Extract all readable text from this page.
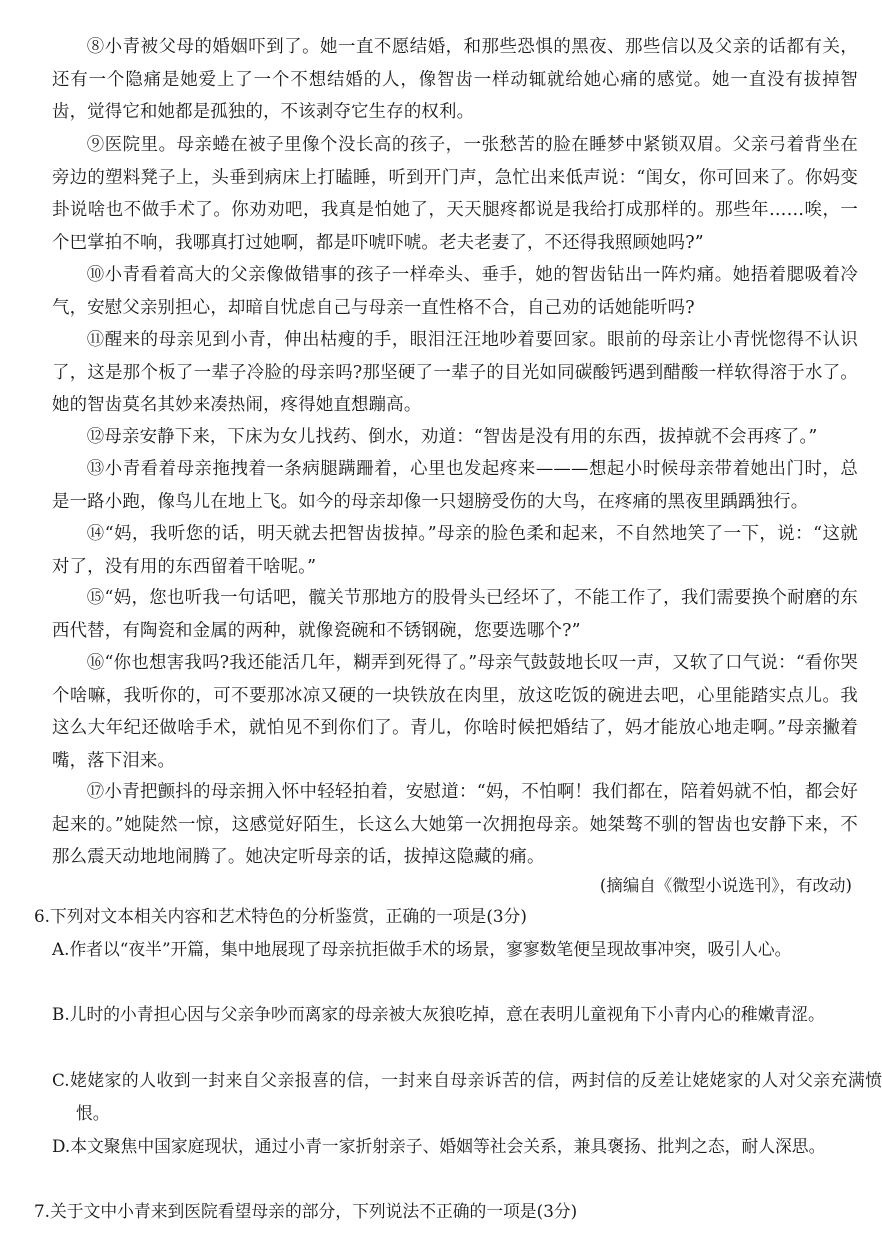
⑧小青被父母的婚姻吓到了。她一直不愿结婚，和那些恐惧的黑夜、那些信以及父亲的话都有关，还有一个隐痛是她爱上了一个不想结婚的人，像智齿一样动辄就给她心痛的感觉。她一直没有拔掉智齿，觉得它和她都是孤独的，不该剥夺它生存的权利。

⑨医院里。母亲蜷在被子里像个没长高的孩子，一张愁苦的脸在睡梦中紧锁双眉。父亲弓着背坐在旁边的塑料凳子上，头垂到病床上打瞌睡，听到开门声，急忙出来低声说：“闺女，你可回来了。你妈变卦说啥也不做手术了。你劝劝吧，我真是怕她了，天天腿疼都说是我给打成那样的。那些年……唉，一个巴掌拍不响，我哪真打过她啊，都是吓唬吓唬。老夫老妻了，不还得我照顾她吗?”

⑩小青看着高大的父亲像做错事的孩子一样牵头、垂手，她的智齿钻出一阵灼痛。她捂着腮吸着冷气，安慰父亲别担心，却暗自忧虑自己与母亲一直性格不合，自己劝的话她能听吗?

⑪醒来的母亲见到小青，伸出枯瘦的手，眼泪汪汪地吵着要回家。眼前的母亲让小青恍惚得不认识了，这是那个板了一辈子冷脸的母亲吗?那坚硬了一辈子的目光如同碳酸钙遇到醋酸一样软得溶于水了。她的智齿莫名其妙来凑热闹，疼得她直想蹦高。

⑫母亲安静下来，下床为女儿找药、倒水，劝道：“智齿是没有用的东西，拔掉就不会再疼了。”

⑬小青看着母亲拖拽着一条病腿蹒跚着，心里也发起疼来———想起小时候母亲带着她出门时，总是一路小跑，像鸟儿在地上飞。如今的母亲却像一只翅膀受伤的大鸟，在疼痛的黑夜里踽踽独行。

⑭“妈，我听您的话，明天就去把智齿拔掉。”母亲的脸色柔和起来，不自然地笑了一下，说：“这就对了，没有用的东西留着干啥呢。”

⑮“妈，您也听我一句话吧，髋关节那地方的股骨头已经坏了，不能工作了，我们需要换个耐磨的东西代替，有陶瓷和金属的两种，就像瓷碗和不锈钢碗，您要选哪个?”

⑯“你也想害我吗?我还能活几年，糊弄到死得了。”母亲气鼓鼓地长叹一声，又软了口气说：“看你哭个啥嘛，我听你的，可不要那冰凉又硬的一块铁放在肉里，放这吃饭的碗进去吧，心里能踏实点儿。我这么大年纪还做啥手术，就怕见不到你们了。青儿，你啥时候把婚结了，妈才能放心地走啊。”母亲撇着嘴，落下泪来。

⑰小青把颤抖的母亲拥入怀中轻轻拍着，安慰道：“妈，不怕啊！我们都在，陪着妈就不怕，都会好起来的。”她陡然一惊，这感觉好陌生，长这么大她第一次拥抱母亲。她桀骜不驯的智齿也安静下来，不那么震天动地地闹腾了。她决定听母亲的话，拔掉这隐藏的痛。

(摘编自《微型小说选刊》，有改动)

6.下列对文本相关内容和艺术特色的分析鉴赏，正确的一项是(3分)

A.作者以“夜半”开篇，集中地展现了母亲抗拒做手术的场景，寥寥数笔便呈现故事冲突，吸引人心。

B.儿时的小青担心因与父亲争吵而离家的母亲被大灰狼吃掉，意在表明儿童视角下小青内心的稚嫩青涩。

C.姥姥家的人收到一封来自父亲报喜的信，一封来自母亲诉苦的信，两封信的反差让姥姥家的人对父亲充满愤恨。

D.本文聚焦中国家庭现状，通过小青一家折射亲子、婚姻等社会关系，兼具褒扬、批判之态，耐人深思。

7.关于文中小青来到医院看望母亲的部分，下列说法不正确的一项是(3分)
